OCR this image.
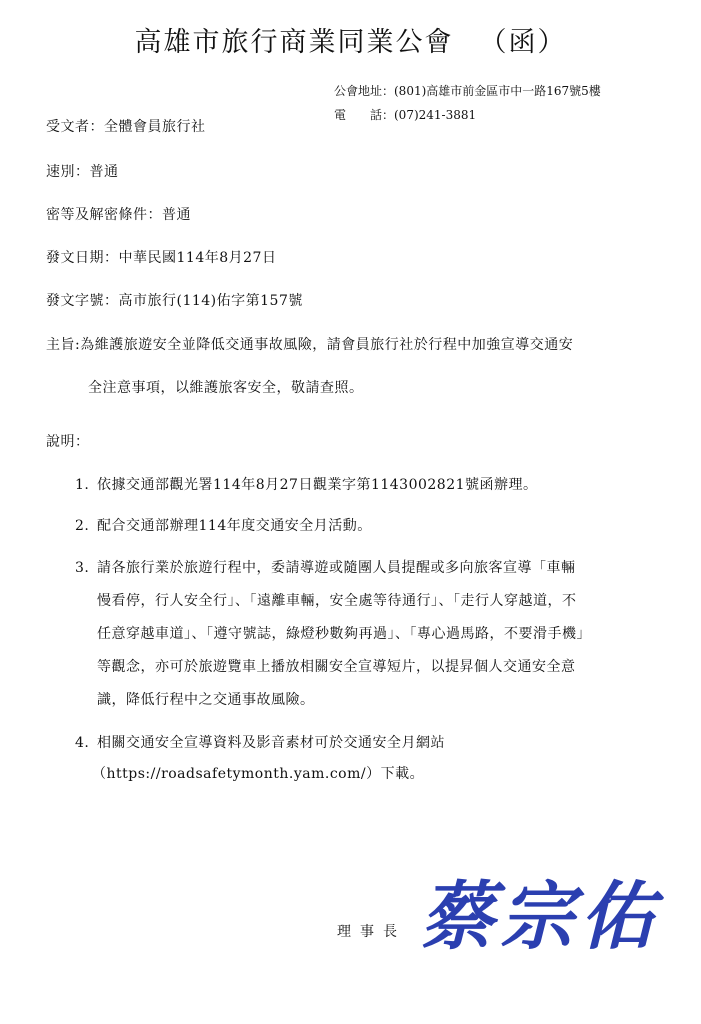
高雄市旅行商業同業公會 （函）
公會地址：(801)高雄市前金區市中一路167號5樓
電　　話：(07)241-3881
受文者：全體會員旅行社
速別：普通
密等及解密條件：普通
發文日期：中華民國114年8月27日
發文字號：高市旅行(114)佑字第157號
主旨:為維護旅遊安全並降低交通事故風險，請會員旅行社於行程中加強宣導交通安
全注意事項，以維護旅客安全，敬請查照。
說明：
1. 依據交通部觀光署114年8月27日觀業字第1143002821號函辦理。
2. 配合交通部辦理114年度交通安全月活動。
3. 請各旅行業於旅遊行程中，委請導遊或隨團人員提醒或多向旅客宣導「車輛
慢看停，行人安全行」、「遠離車輛，安全處等待通行」、「走行人穿越道，不
任意穿越車道」、「遵守號誌，綠燈秒數夠再過」、「專心過馬路，不要滑手機」
等觀念，亦可於旅遊覽車上播放相關安全宣導短片，以提昇個人交通安全意
識，降低行程中之交通事故風險。
4. 相關交通安全宣導資料及影音素材可於交通安全月網站
（https://roadsafetymonth.yam.com/）下載。
理事長 蔡宗佑
